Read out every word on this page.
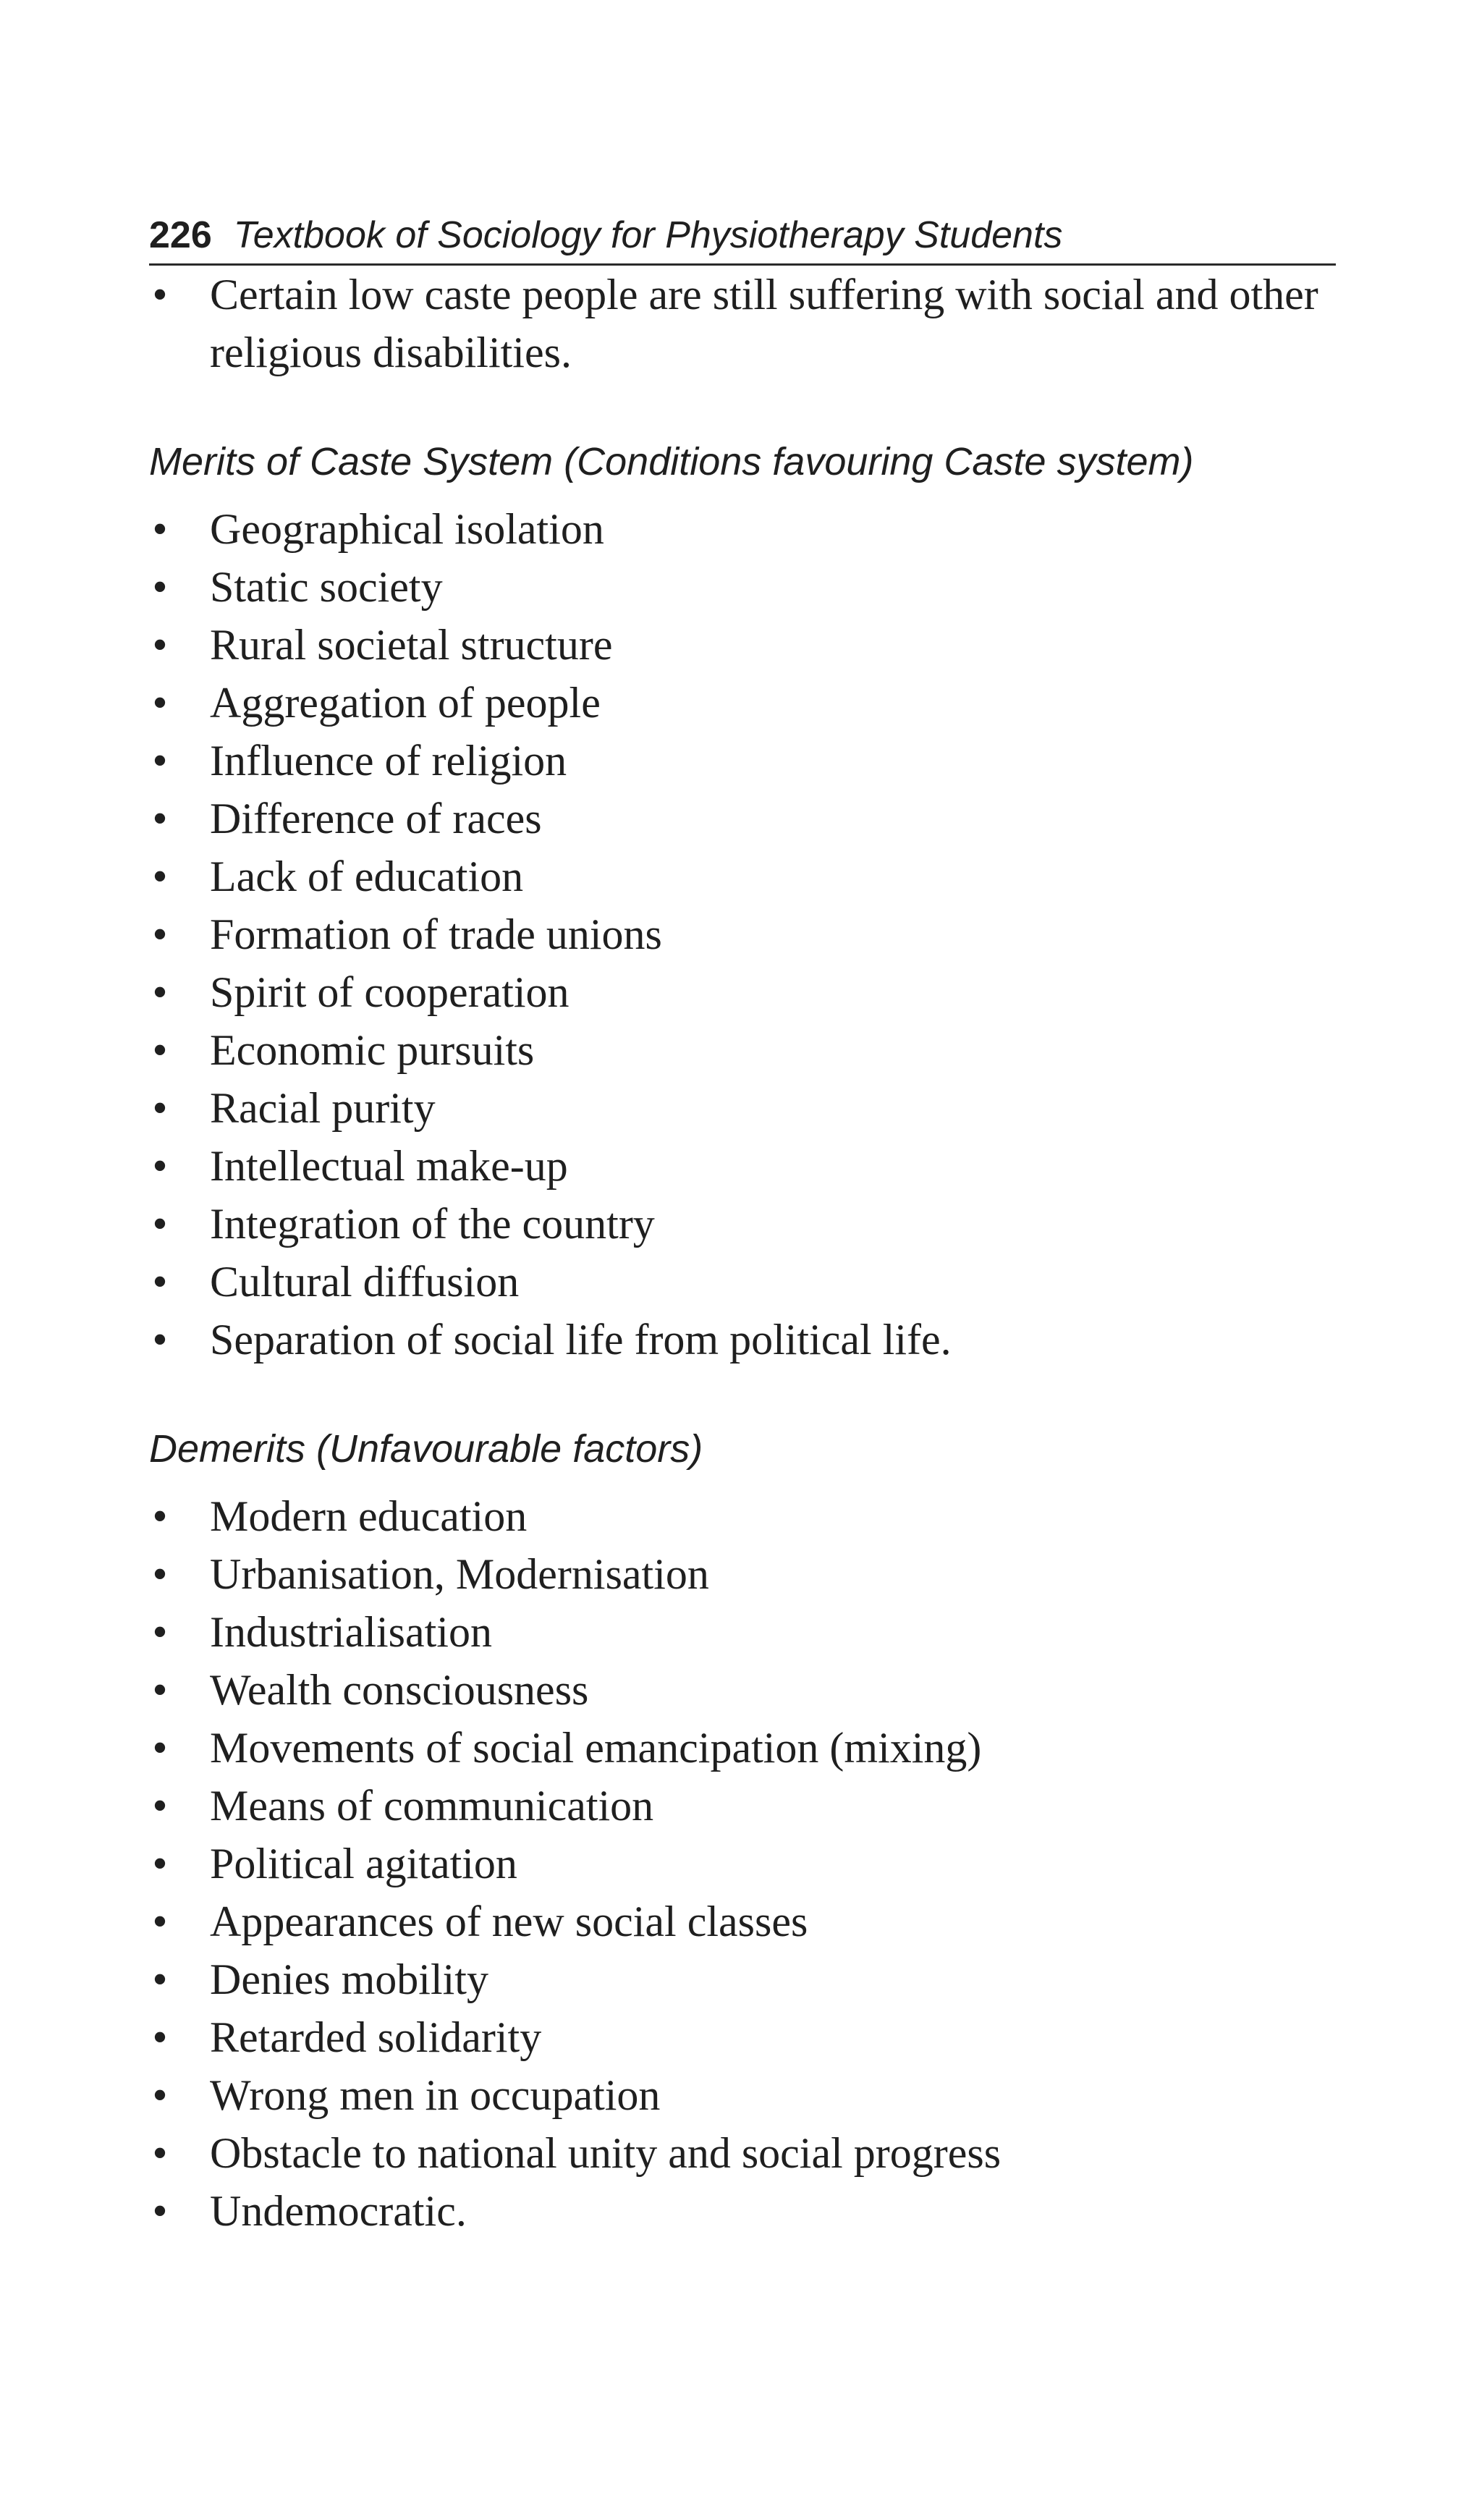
226 Textbook of Sociology for Physiotherapy Students
• Certain low caste people are still suffering with social and other religious disabilities.
Merits of Caste System (Conditions favouring Caste system)
• Geographical isolation
• Static society
• Rural societal structure
• Aggregation of people
• Influence of religion
• Difference of races
• Lack of education
• Formation of trade unions
• Spirit of cooperation
• Economic pursuits
• Racial purity
• Intellectual make-up
• Integration of the country
• Cultural diffusion
• Separation of social life from political life.
Demerits (Unfavourable factors)
• Modern education
• Urbanisation, Modernisation
• Industrialisation
• Wealth consciousness
• Movements of social emancipation (mixing)
• Means of communication
• Political agitation
• Appearances of new social classes
• Denies mobility
• Retarded solidarity
• Wrong men in occupation
• Obstacle to national unity and social progress
• Undemocratic.
